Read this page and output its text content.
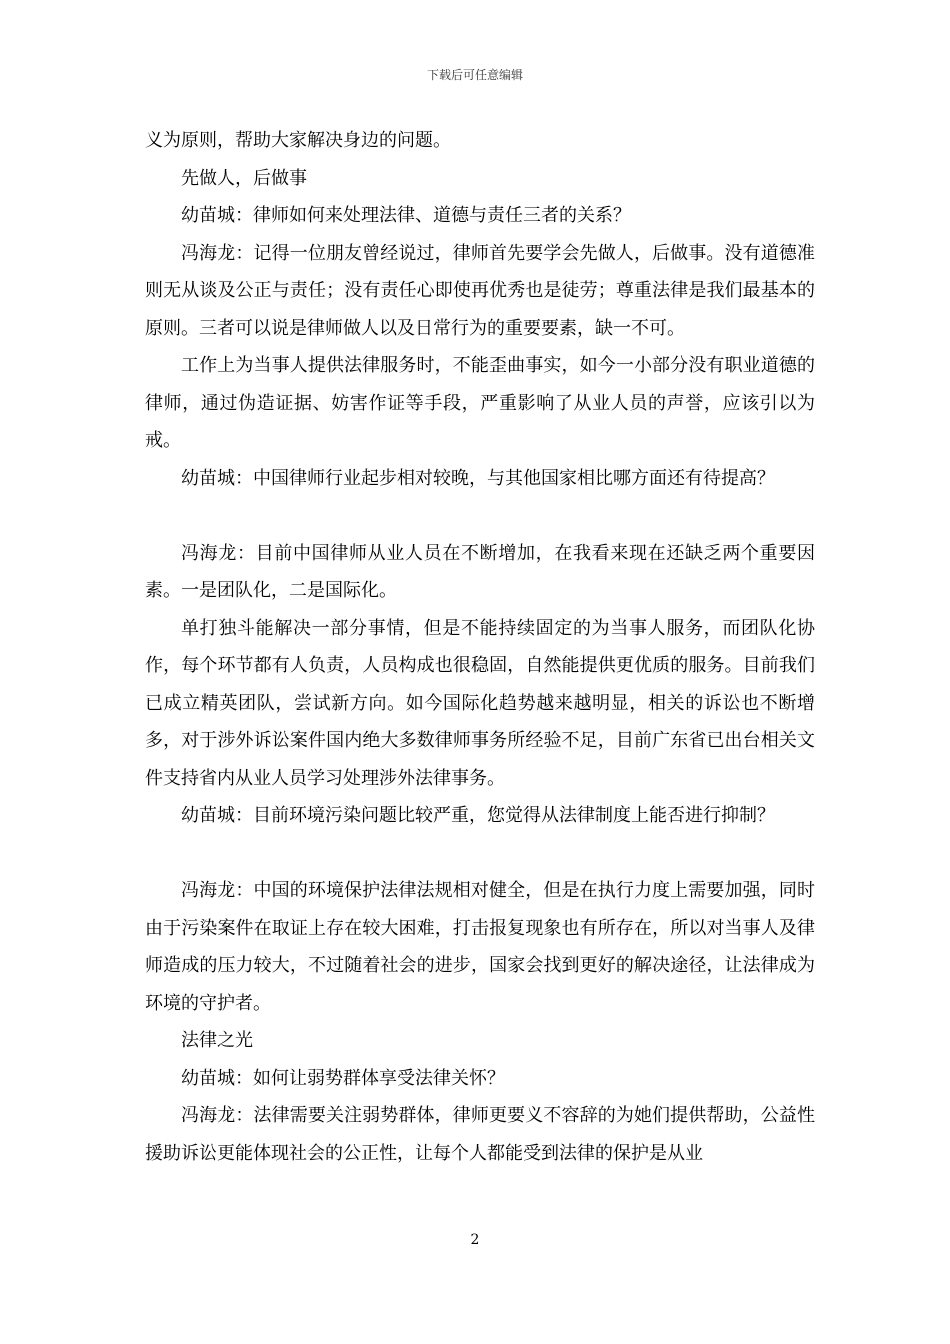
下载后可任意编辑

义为原则，帮助大家解决身边的问题。

先做人，后做事

幼苗城：律师如何来处理法律、道德与责任三者的关系？

冯海龙：记得一位朋友曾经说过，律师首先要学会先做人，后做事。没有道德准则无从谈及公正与责任；没有责任心即使再优秀也是徒劳；尊重法律是我们最基本的原则。三者可以说是律师做人以及日常行为的重要要素，缺一不可。

工作上为当事人提供法律服务时，不能歪曲事实，如今一小部分没有职业道德的律师，通过伪造证据、妨害作证等手段，严重影响了从业人员的声誉，应该引以为戒。

幼苗城：中国律师行业起步相对较晚，与其他国家相比哪方面还有待提高？

冯海龙：目前中国律师从业人员在不断增加，在我看来现在还缺乏两个重要因素。一是团队化，二是国际化。

单打独斗能解决一部分事情，但是不能持续固定的为当事人服务，而团队化协作，每个环节都有人负责，人员构成也很稳固，自然能提供更优质的服务。目前我们已成立精英团队，尝试新方向。如今国际化趋势越来越明显，相关的诉讼也不断增多，对于涉外诉讼案件国内绝大多数律师事务所经验不足，目前广东省已出台相关文件支持省内从业人员学习处理涉外法律事务。

幼苗城：目前环境污染问题比较严重，您觉得从法律制度上能否进行抑制？

冯海龙：中国的环境保护法律法规相对健全，但是在执行力度上需要加强，同时由于污染案件在取证上存在较大困难，打击报复现象也有所存在，所以对当事人及律师造成的压力较大，不过随着社会的进步，国家会找到更好的解决途径，让法律成为环境的守护者。

法律之光

幼苗城：如何让弱势群体享受法律关怀？

冯海龙：法律需要关注弱势群体，律师更要义不容辞的为她们提供帮助，公益性援助诉讼更能体现社会的公正性，让每个人都能受到法律的保护是从业

2
